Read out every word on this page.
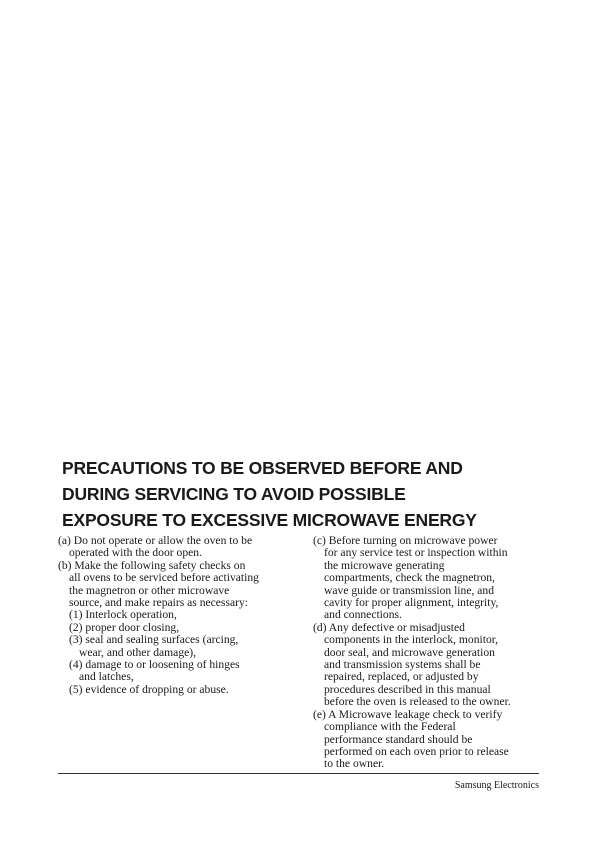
PRECAUTIONS TO BE OBSERVED BEFORE AND
DURING SERVICING TO AVOID POSSIBLE
EXPOSURE TO EXCESSIVE MICROWAVE ENERGY
(a) Do not operate or allow the oven to be
operated with the door open.
(b) Make the following safety checks on
all ovens to be serviced before activating
the magnetron or other microwave
source, and make repairs as necessary:
(1) Interlock operation,
(2) proper door closing,
(3) seal and sealing surfaces (arcing,
wear, and other damage),
(4) damage to or loosening of hinges
and latches,
(5) evidence of dropping or abuse.
(c) Before turning on microwave power
for any service test or inspection within
the microwave generating
compartments, check the magnetron,
wave guide or transmission line, and
cavity for proper alignment, integrity,
and connections.
(d) Any defective or misadjusted
components in the interlock, monitor,
door seal, and microwave generation
and transmission systems shall be
repaired, replaced, or adjusted by
procedures described in this manual
before the oven is released to the owner.
(e) A Microwave leakage check to verify
compliance with the Federal
performance standard should be
performed on each oven prior to release
to the owner.
Samsung Electronics
